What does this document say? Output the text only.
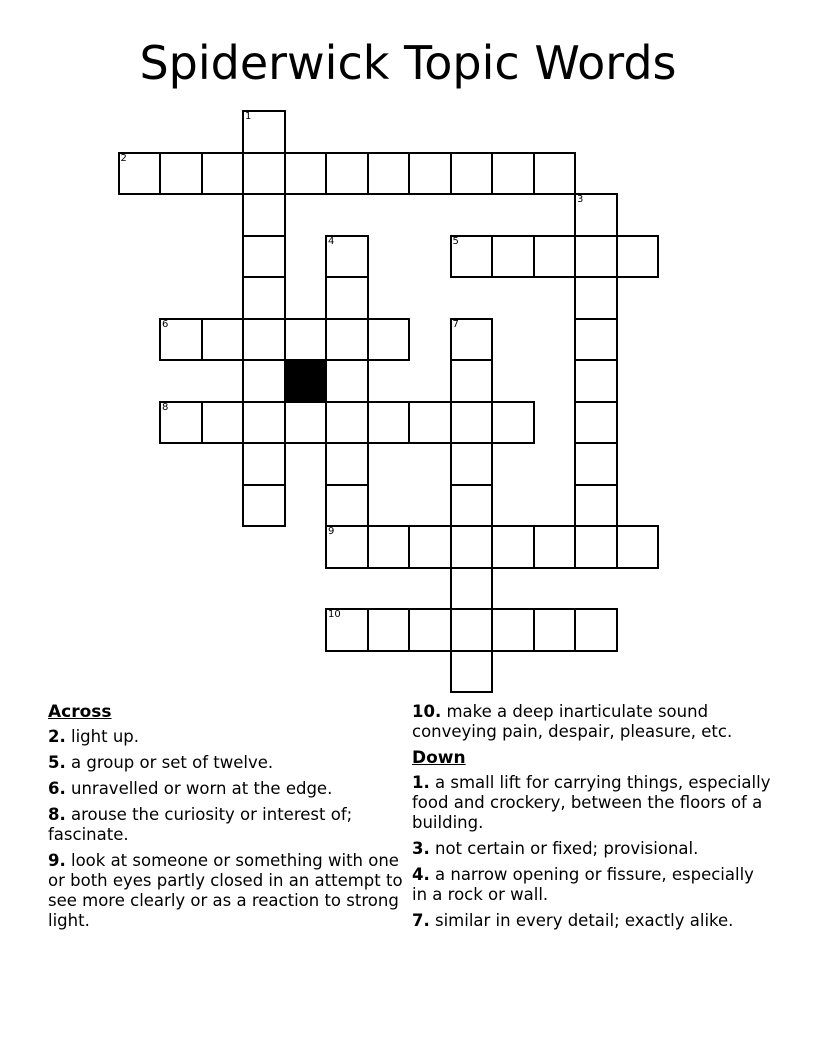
Spiderwick Topic Words
1
2
3
4	5
6	7
8
9
10
Across
2. light up.
5. a group or set of twelve.
6. unravelled or worn at the edge.
8. arouse the curiosity or interest of; fascinate.
9. look at someone or something with one or both eyes partly closed in an attempt to see more clearly or as a reaction to strong light.
10. make a deep inarticulate sound conveying pain, despair, pleasure, etc.
Down
1. a small lift for carrying things, especially food and crockery, between the floors of a building.
3. not certain or fixed; provisional.
4. a narrow opening or fissure, especially in a rock or wall.
7. similar in every detail; exactly alike.
